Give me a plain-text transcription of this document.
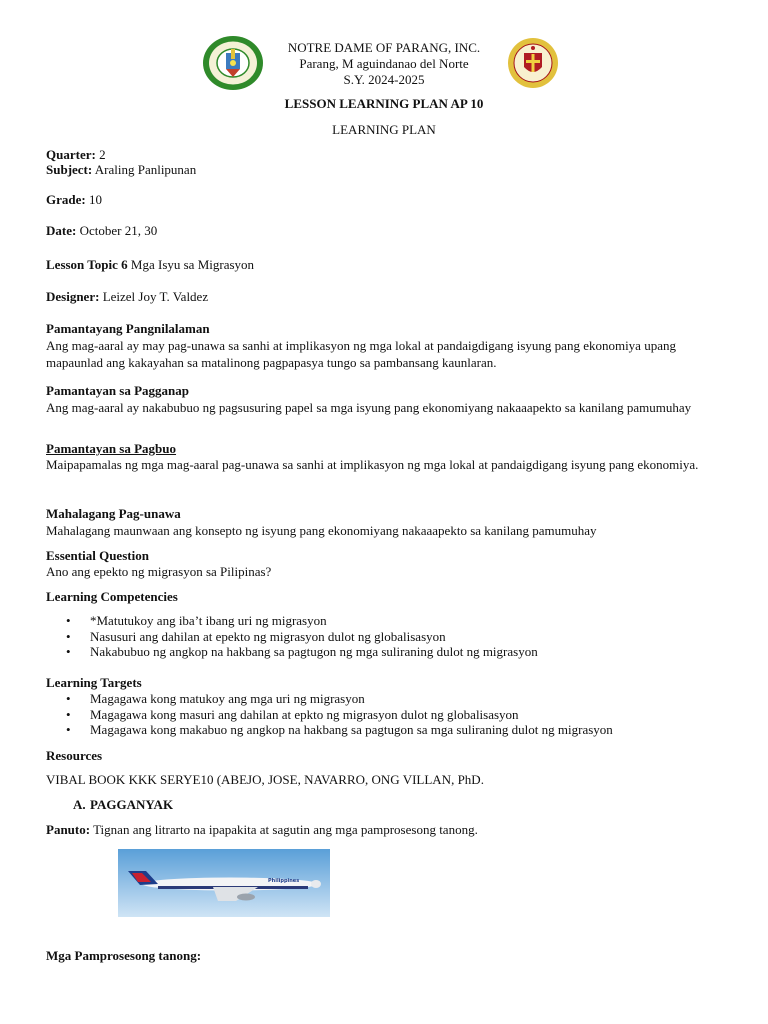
NOTRE DAME OF PARANG, INC.
Parang, M aguindanao del Norte
S.Y. 2024-2025
LESSON LEARNING PLAN AP 10
LEARNING PLAN
Quarter: 2
Subject: Araling Panlipunan
Grade: 10
Date: October 21, 30
Lesson Topic 6 Mga Isyu sa Migrasyon
Designer: Leizel Joy T. Valdez
Pamantayang Pangnilalaman
Ang mag-aaral ay may pag-unawa sa sanhi at implikasyon ng mga lokal at pandaigdigang isyung pang ekonomiya upang mapaunlad ang kakayahan sa matalinong pagpapasya tungo sa pambansang kaunlaran.
Pamantayan sa Pagganap
Ang mag-aaral ay nakabubuo ng pagsusuring papel sa mga isyung pang ekonomiyang nakaaapekto sa kanilang pamumuhay
Pamantayan sa Pagbuo
Maipapamalas ng mga mag-aaral pag-unawa sa sanhi at implikasyon ng mga lokal at pandaigdigang isyung pang ekonomiya.
Mahalagang Pag-unawa
Mahalagang maunwaan ang konsepto ng isyung pang ekonomiyang nakaaapekto sa kanilang pamumuhay
Essential Question
Ano ang epekto ng migrasyon sa Pilipinas?
Learning Competencies
• *Matutukoy ang iba’t ibang uri ng migrasyon
• Nasusuri ang dahilan at epekto ng migrasyon dulot ng globalisasyon
• Nakabubuo ng angkop na hakbang sa pagtugon ng mga suliraning dulot ng migrasyon
Learning Targets
• Magagawa kong matukoy ang mga uri ng migrasyon
• Magagawa kong masuri ang dahilan at epkto ng migrasyon dulot ng globalisasyon
• Magagawa kong makabuo ng angkop na hakbang sa pagtugon sa mga suliraning dulot ng migrasyon
Resources
VIBAL BOOK KKK SERYE10 (ABEJO, JOSE, NAVARRO, ONG VILLAN, PhD.
A. PAGGANYAK
Panuto: Tignan ang litrarto na ipapakita at sagutin ang mga pamprosesong tanong.
Philippines
Mga Pamprosesong tanong:
